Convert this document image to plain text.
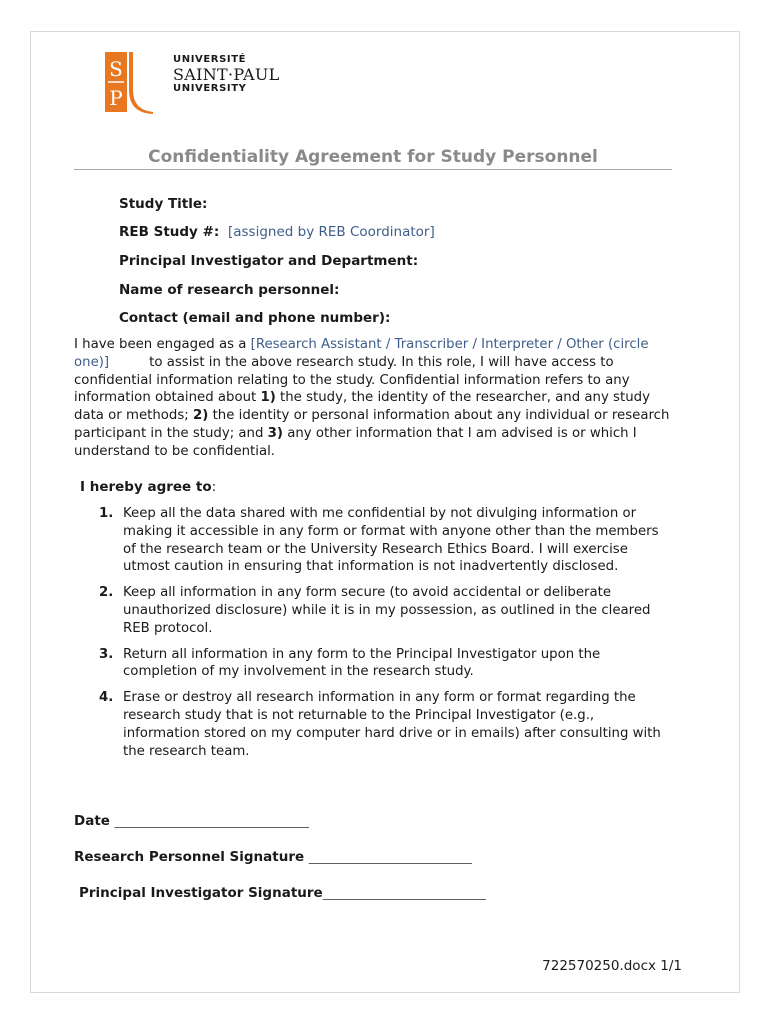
S
P
UNIVERSITÉ
SAINT·PAUL
UNIVERSITY
Confidentiality Agreement for Study Personnel
Study Title:
REB Study #: [assigned by REB Coordinator]
Principal Investigator and Department:
Name of research personnel:
Contact (email and phone number):
I have been engaged as a [Research Assistant / Transcriber / Interpreter / Other (circle one)]	to assist in the above research study. In this role, I will have access to confidential information relating to the study. Confidential information refers to any information obtained about 1) the study, the identity of the researcher, and any study data or methods; 2) the identity or personal information about any individual or research participant in the study; and 3) any other information that I am advised is or which I understand to be confidential.
I hereby agree to:
1. Keep all the data shared with me confidential by not divulging information or making it accessible in any form or format with anyone other than the members of the research team or the University Research Ethics Board. I will exercise utmost caution in ensuring that information is not inadvertently disclosed.
2. Keep all information in any form secure (to avoid accidental or deliberate unauthorized disclosure) while it is in my possession, as outlined in the cleared REB protocol.
3. Return all information in any form to the Principal Investigator upon the completion of my involvement in the research study.
4. Erase or destroy all research information in any form or format regarding the research study that is not returnable to the Principal Investigator (e.g., information stored on my computer hard drive or in emails) after consulting with the research team.
Date _______________________________
Research Personnel Signature __________________________
Principal Investigator Signature__________________________
722570250.docx 1/1
